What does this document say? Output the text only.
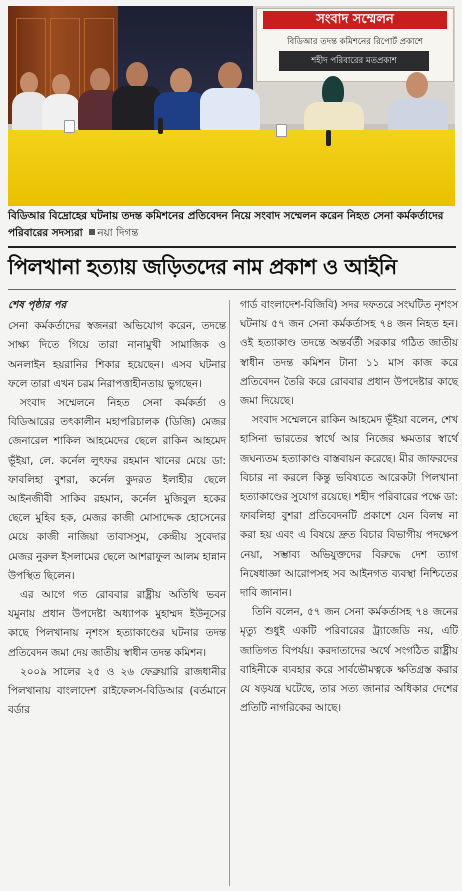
সংবাদ সম্মেলন
বিডিআর তদন্ত কমিশনের রিপোর্ট প্রকাশে
শহীদ পরিবারের মতপ্রকাশ
বিডিআর বিদ্রোহের ঘটনায় তদন্ত কমিশনের প্রতিবেদন নিয়ে সংবাদ সম্মেলন করেন নিহত সেনা কর্মকর্তাদের পরিবারের সদস্যরা নয়া দিগন্ত
পিলখানা হত্যায় জড়িতদের নাম প্রকাশ ও আইনি
শেষ পৃষ্ঠার পর

সেনা কর্মকর্তাদের স্বজনরা অভিযোগ করেন, তদন্তে সাক্ষ্য দিতে গিয়ে তারা নানামুখী সামাজিক ও অনলাইন হয়রানির শিকার হয়েছেন। এসব ঘটনার ফলে তারা এখন চরম নিরাপত্তাহীনতায় ভুগছেন।

সংবাদ সম্মেলনে নিহত সেনা কর্মকর্তা ও বিডিআরের তৎকালীন মহাপরিচালক (ডিজি) মেজর জেনারেল শাকিল আহমেদের ছেলে রাকিন আহমেদ ভূঁইয়া, লে. কর্নেল লুৎফর রহমান খানের মেয়ে ডা: ফাবলিহা বুশরা, কর্নেল কুদরত ইলাহীর ছেলে আইনজীবী সাকিব রহমান, কর্নেল মুজিবুল হকের ছেলে মুহিব হক, মেজর কাজী মোসাদ্দেক হোসেনের মেয়ে কাজী নাজিয়া তাবাসসুম, কেন্দ্রীয় সুবেদার মেজর নুরুল ইসলামের ছেলে আশরাফুল আলম হান্নান উপস্থিত ছিলেন।

এর আগে গত রোববার রাষ্ট্রীয় অতিথি ভবন যমুনায় প্রধান উপদেষ্টা অধ্যাপক মুহাম্মদ ইউনূসের কাছে পিলখানায় নৃশংস হত্যাকাণ্ডের ঘটনার তদন্ত প্রতিবেদন জমা দেয় জাতীয় স্বাধীন তদন্ত কমিশন।

২০০৯ সালের ২৫ ও ২৬ ফেব্রুয়ারি রাজধানীর পিলখানায় বাংলাদেশ রাইফেলস-বিডিআর (বর্তমানে বর্ডার

গার্ড বাংলাদেশ-বিজিবি) সদর দফতরে সংঘটিত নৃশংস ঘটনায় ৫৭ জন সেনা কর্মকর্তাসহ ৭৪ জন নিহত হন। ওই হত্যাকাণ্ড তদন্তে অন্তর্বর্তী সরকার গঠিত জাতীয় স্বাধীন তদন্ত কমিশন টানা ১১ মাস কাজ করে প্রতিবেদন তৈরি করে রোববার প্রধান উপদেষ্টার কাছে জমা দিয়েছে।

সংবাদ সম্মেলনে রাকিন আহমেদ ভূঁইয়া বলেন, শেখ হাসিনা ভারতের স্বার্থে আর নিজের ক্ষমতার স্বার্থে জঘন্যতম হত্যাকাণ্ড বাস্তবায়ন করেছে। মীর জাফরদের বিচার না করলে কিন্তু ভবিষ্যতে আরেকটা পিলখানা হত্যাকাণ্ডের সুযোগ রয়েছে। শহীদ পরিবারের পক্ষে ডা: ফাবলিহা বুশরা প্রতিবেদনটি প্রকাশে যেন বিলম্ব না করা হয় এবং এ বিষয়ে দ্রুত বিচার বিভাগীয় পদক্ষেপ নেয়া, সম্ভাব্য অভিযুক্তদের বিরুদ্ধে দেশ ত্যাগ নিষেধাজ্ঞা আরোপসহ সব আইনগত ব্যবস্থা নিশ্চিতের দাবি জানান।

তিনি বলেন, ৫৭ জন সেনা কর্মকর্তাসহ ৭৪ জনের মৃত্যু শুধুই একটি পরিবারের ট্র্যাজেডি নয়, এটি জাতিগত বিপর্যয়। করদাতাদের অর্থে সংগঠিত রাষ্ট্রীয় বাহিনীকে ব্যবহার করে সার্বভৌমত্বকে ক্ষতিগ্রস্ত করার যে ষড়যন্ত্র ঘটেছে, তার সত্য জানার অধিকার দেশের প্রতিটি নাগরিকের আছে।
